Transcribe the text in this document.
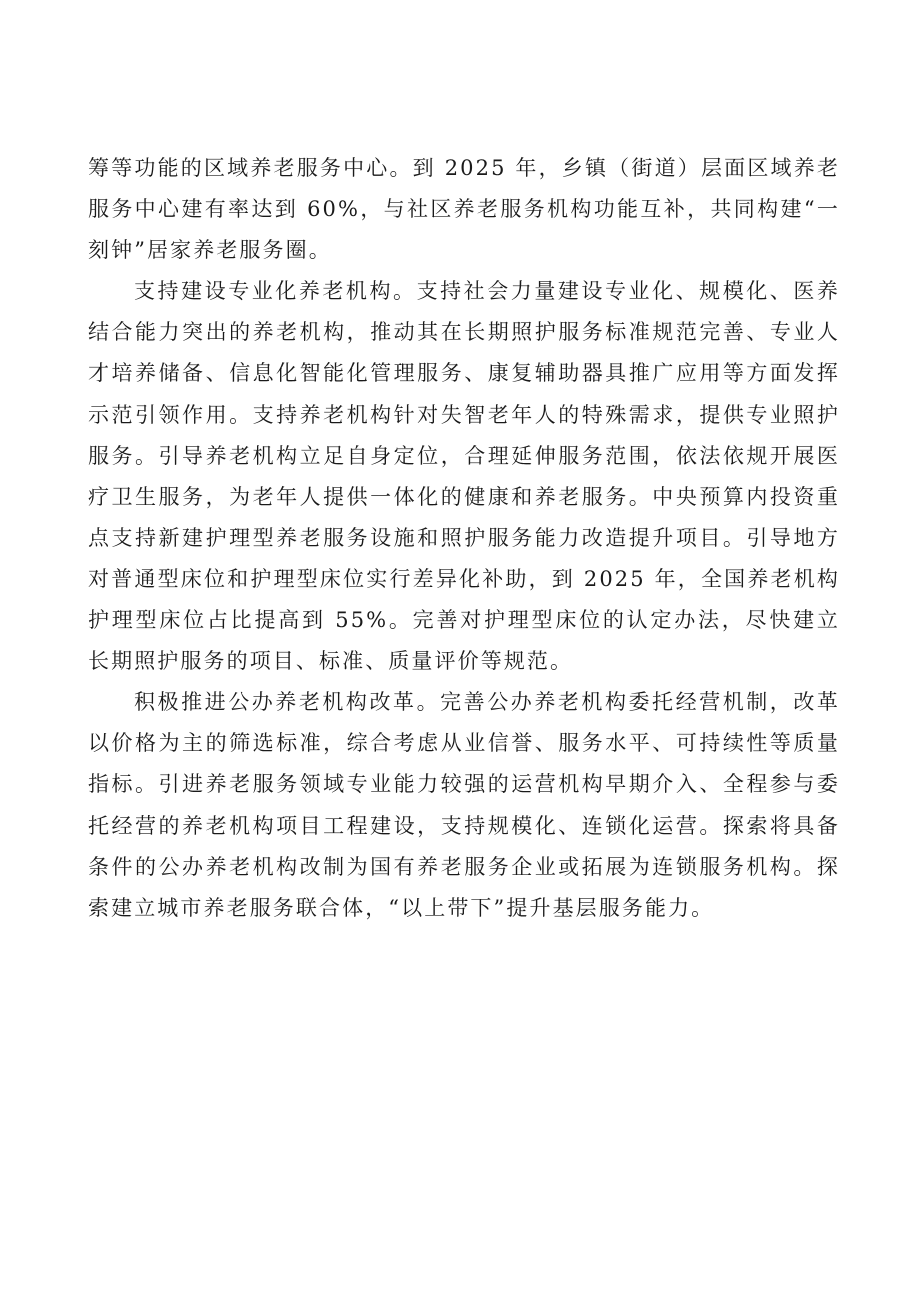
筹等功能的区域养老服务中心。到 2025 年，乡镇（街道）层面区域养老服务中心建有率达到 60%，与社区养老服务机构功能互补，共同构建“一刻钟”居家养老服务圈。

支持建设专业化养老机构。支持社会力量建设专业化、规模化、医养结合能力突出的养老机构，推动其在长期照护服务标准规范完善、专业人才培养储备、信息化智能化管理服务、康复辅助器具推广应用等方面发挥示范引领作用。支持养老机构针对失智老年人的特殊需求，提供专业照护服务。引导养老机构立足自身定位，合理延伸服务范围，依法依规开展医疗卫生服务，为老年人提供一体化的健康和养老服务。中央预算内投资重点支持新建护理型养老服务设施和照护服务能力改造提升项目。引导地方对普通型床位和护理型床位实行差异化补助，到 2025 年，全国养老机构护理型床位占比提高到 55%。完善对护理型床位的认定办法，尽快建立长期照护服务的项目、标准、质量评价等规范。

积极推进公办养老机构改革。完善公办养老机构委托经营机制，改革以价格为主的筛选标准，综合考虑从业信誉、服务水平、可持续性等质量指标。引进养老服务领域专业能力较强的运营机构早期介入、全程参与委托经营的养老机构项目工程建设，支持规模化、连锁化运营。探索将具备条件的公办养老机构改制为国有养老服务企业或拓展为连锁服务机构。探索建立城市养老服务联合体，“以上带下”提升基层服务能力。
